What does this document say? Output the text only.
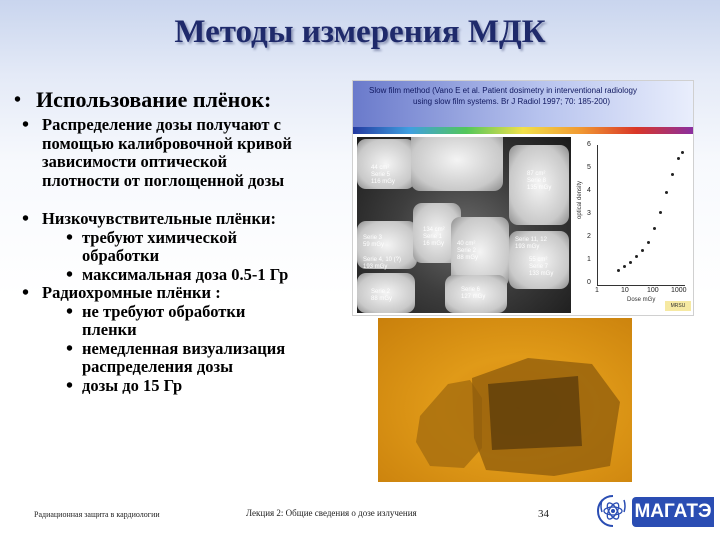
Методы измерения МДК

• Использование плёнок:

• Распределение дозы получают с
помощью калибровочной кривой
зависимости оптической
плотности от поглощенной дозы
• Низкочувствительные плёнки:
• требуют химической
обработки
• максимальная доза 0.5-1 Гр
• Радиохромные плёнки :
• не требуют обработки
пленки
• немедленная визуализация
распределения дозы
• дозы до 15 Гр
Slow film method (Vano E et al. Patient dosimetry in interventional radiology
using slow film systems. Br J Radiol 1997; 70: 185-200)
44 cm²
Serie 5
116 mGy
87 cm²
Serie 8
135 mGy
134 cm²
Serie 1
16 mGy
Serie 3
59 mGy
Serie 4, 10 (?)
193 mGy
40 cm²
Serie 2
88 mGy
Serie 11, 12
193 mGy
55 cm²
Serie 7
133 mGy
Serie 2
88 mGy
Serie 6
127 mGy
6
5
4
3
2
1
0
1	10	100 1000
optical density
Dose mGy
MRSU
Радиационная защита в кардиологии	Лекция 2: Общие сведения о дозе излучения	34	МАГАТЭ
